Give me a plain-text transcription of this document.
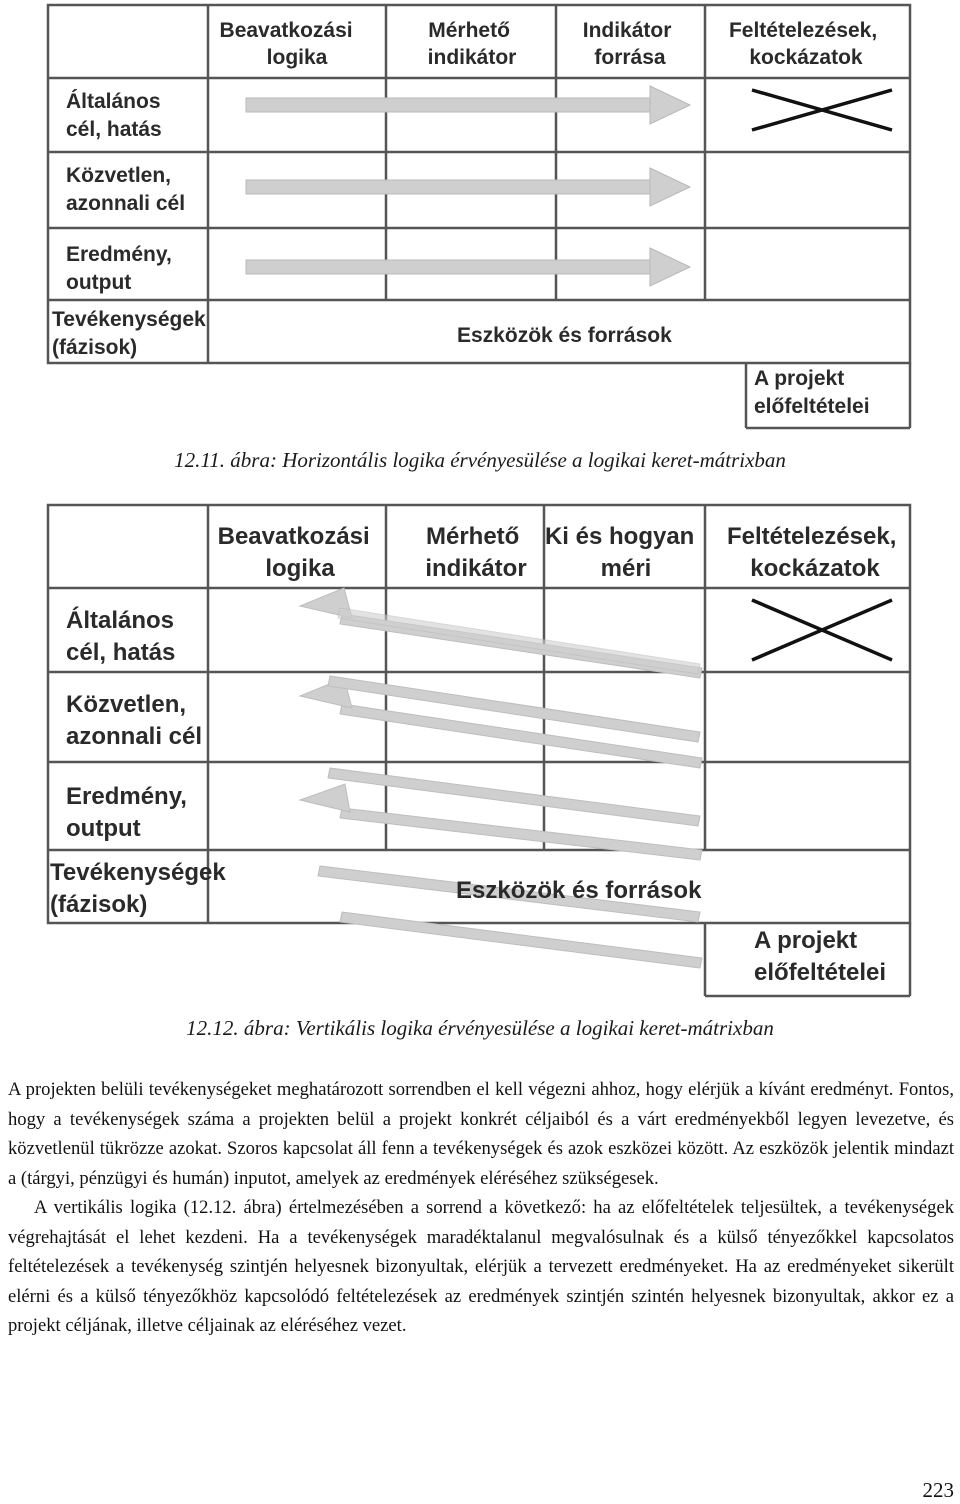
Beavatkozási logika
Mérhető indikátor
Indikátor forrása
Feltételezések, kockázatok
Általános cél, hatás
Közvetlen, azonnali cél
Eredmény, output
Tevékenységek (fázisok)
Eszközök és források
A projekt előfeltételei
12.11. ábra: Horizontális logika érvényesülése a logikai keret-mátrixban
Beavatkozási logika
Mérhető indikátor
Ki és hogyan méri
Feltételezések, kockázatok
Általános cél, hatás
Közvetlen, azonnali cél
Eredmény, output
Tevékenységek (fázisok)
Eszközök és források
A projekt előfeltételei
12.12. ábra: Vertikális logika érvényesülése a logikai keret-mátrixban

A projekten belüli tevékenységeket meghatározott sorrendben el kell végezni ahhoz, hogy elérjük a kívánt eredményt. Fontos, hogy a tevékenységek száma a projekten belül a projekt konkrét céljaiból és a várt eredményekből legyen levezetve, és közvetlenül tükrözze azokat. Szoros kapcsolat áll fenn a tevékenységek és azok eszközei között. Az eszközök jelentik mindazt a (tárgyi, pénzügyi és humán) inputot, amelyek az eredmények eléréséhez szükségesek.

A vertikális logika (12.12. ábra) értelmezésében a sorrend a következő: ha az előfeltételek teljesültek, a tevékenységek végrehajtását el lehet kezdeni. Ha a tevékenységek maradéktalanul megvalósulnak és a külső tényezőkkel kapcsolatos feltételezések a tevékenység szintjén helyesnek bizonyultak, elérjük a tervezett eredményeket. Ha az eredményeket sikerült elérni és a külső tényezőkhöz kapcsolódó feltételezések az eredmények szintjén szintén helyesnek bizonyultak, akkor ez a projekt céljának, illetve céljainak az eléréséhez vezet.

223
